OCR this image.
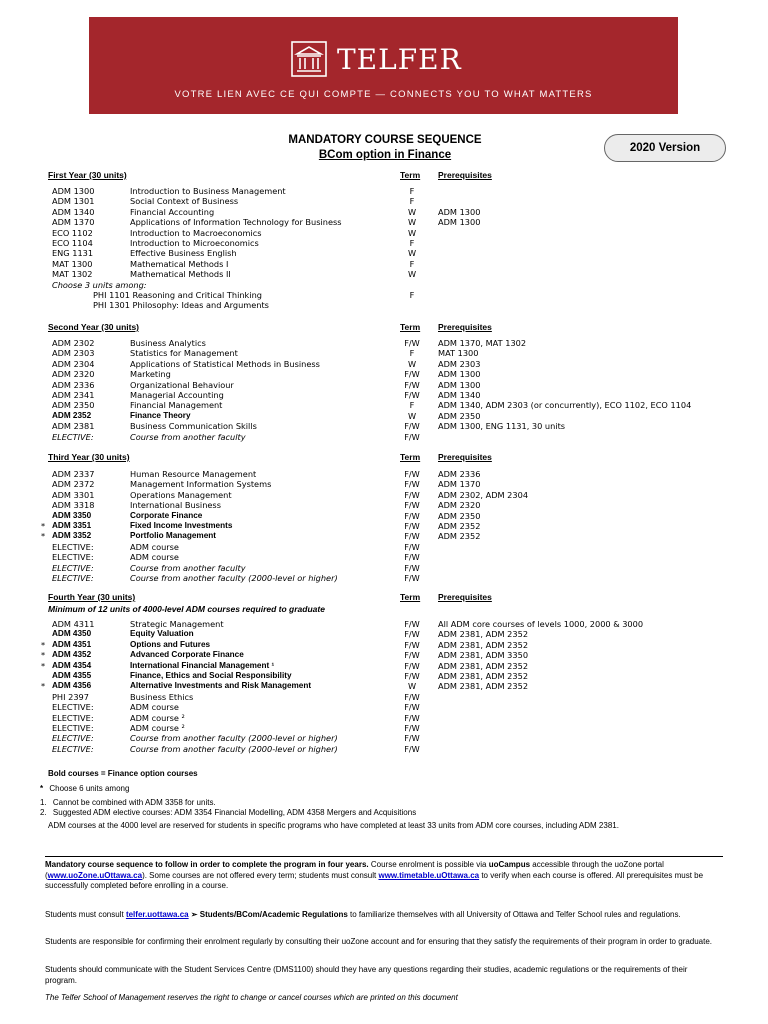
TELFER
VOTRE LIEN AVEC CE QUI COMPTE — CONNECTS YOU TO WHAT MATTERS
MANDATORY COURSE SEQUENCE
BCom option in Finance
2020 Version
First Year (30 units)	Term Prerequisites
ADM 1300	Introduction to Business Management	F
ADM 1301	Social Context of Business	F
ADM 1340	Financial Accounting	W	ADM 1300
ADM 1370	Applications of Information Technology for Business	W	ADM 1300
ECO 1102	Introduction to Macroeconomics	W
ECO 1104	Introduction to Microeconomics	F
ENG 1131	Effective Business English	W
MAT 1300	Mathematical Methods I	F
MAT 1302	Mathematical Methods II	W
Choose 3 units among:
PHI 1101 Reasoning and Critical Thinking	F
PHI 1301 Philosophy: Ideas and Arguments
Second Year (30 units)	Term Prerequisites
ADM 2302	Business Analytics	F/W	ADM 1370, MAT 1302
ADM 2303	Statistics for Management	F	MAT 1300
ADM 2304	Applications of Statistical Methods in Business	W	ADM 2303
ADM 2320	Marketing	F/W	ADM 1300
ADM 2336	Organizational Behaviour	F/W	ADM 1300
ADM 2341	Managerial Accounting	F/W	ADM 1340
ADM 2350	Financial Management	F	ADM 1340, ADM 2303 (or concurrently), ECO 1102, ECO 1104
ADM 2352	Finance Theory	W	ADM 2350
ADM 2381	Business Communication Skills	F/W	ADM 1300, ENG 1131, 30 units
ELECTIVE:	Course from another faculty	F/W
Third Year (30 units)	Term Prerequisites
ADM 2337	Human Resource Management	F/W	ADM 2336
ADM 2372	Management Information Systems	F/W	ADM 1370
ADM 3301	Operations Management	F/W	ADM 2302, ADM 2304
ADM 3318	International Business	F/W	ADM 2320
ADM 3350	Corporate Finance	F/W	ADM 2350
* ADM 3351	Fixed Income Investments	F/W	ADM 2352
* ADM 3352	Portfolio Management	F/W	ADM 2352
ELECTIVE:	ADM course	F/W
ELECTIVE:	ADM course	F/W
ELECTIVE:	Course from another faculty	F/W
ELECTIVE:	Course from another faculty (2000-level or higher)	F/W
Fourth Year (30 units)	Term Prerequisites
Minimum of 12 units of 4000-level ADM courses required to graduate
ADM 4311	Strategic Management	F/W	All ADM core courses of levels 1000, 2000 & 3000
ADM 4350	Equity Valuation	F/W	ADM 2381, ADM 2352
* ADM 4351	Options and Futures	F/W	ADM 2381, ADM 2352
* ADM 4352	Advanced Corporate Finance	F/W	ADM 2381, ADM 3350
* ADM 4354	International Financial Management ¹	F/W	ADM 2381, ADM 2352
ADM 4355	Finance, Ethics and Social Responsibility	F/W	ADM 2381, ADM 2352
* ADM 4356	Alternative Investments and Risk Management	W	ADM 2381, ADM 2352
PHI 2397	Business Ethics	F/W
ELECTIVE:	ADM course	F/W
ELECTIVE:	ADM course ²	F/W
ELECTIVE:	ADM course ²	F/W
ELECTIVE:	Course from another faculty (2000-level or higher)	F/W
ELECTIVE:	Course from another faculty (2000-level or higher)	F/W
Bold courses = Finance option courses
* Choose 6 units among
1. Cannot be combined with ADM 3358 for units.
2. Suggested ADM elective courses: ADM 3354 Financial Modelling, ADM 4358 Mergers and Acquisitions
ADM courses at the 4000 level are reserved for students in specific programs who have completed at least 33 units from ADM core courses, including ADM 2381.
Mandatory course sequence to follow in order to complete the program in four years. Course enrolment is possible via uoCampus accessible through the uoZone portal (www.uoZone.uOttawa.ca). Some courses are not offered every term; students must consult www.timetable.uOttawa.ca to verify when each course is offered. All prerequisites must be successfully completed before enrolling in a course.
Students must consult telfer.uottawa.ca ➢ Students/BCom/Academic Regulations to familiarize themselves with all University of Ottawa and Telfer School rules and regulations.
Students are responsible for confirming their enrolment regularly by consulting their uoZone account and for ensuring that they satisfy the requirements of their program in order to graduate.
Students should communicate with the Student Services Centre (DMS1100) should they have any questions regarding their studies, academic regulations or the requirements of their program.
The Telfer School of Management reserves the right to change or cancel courses which are printed on this document
